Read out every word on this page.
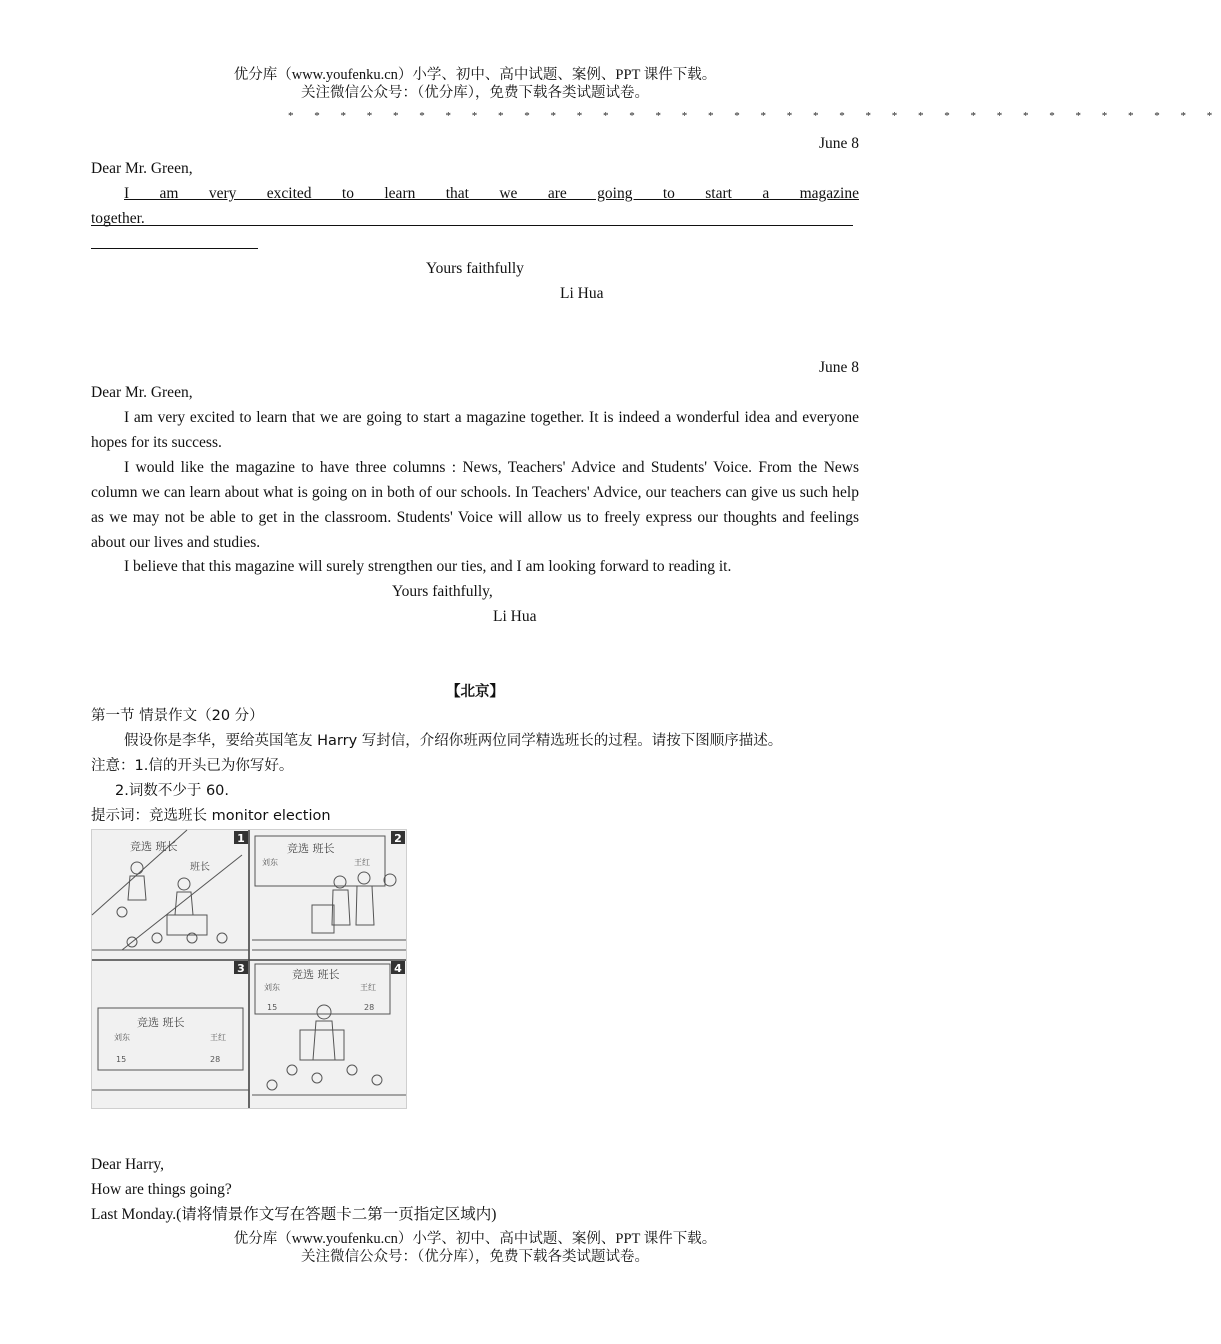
优分库（www.youfenku.cn）小学、初中、高中试题、案例、PPT 课件下载。
关注微信公众号：（优分库），免费下载各类试题试卷。
* * * * * * * * * * * * * * * * * * * * * * * * * * * * * * * * * * * *
June 8
Dear Mr. Green,
I am very excited to learn that we are going to start a magazine
together.
Yours faithfully
Li Hua
June 8
Dear Mr. Green,
I am very excited to learn that we are going to start a magazine together. It is indeed a wonderful idea and everyone hopes for its success.
I would like the magazine to have three columns : News, Teachers' Advice and Students' Voice. From the News column we can learn about what is going on in both of our schools. In Teachers' Advice, our teachers can give us such help as we may not be able to get in the classroom. Students' Voice will allow us to freely express our thoughts and feelings about our lives and studies.
I believe that this magazine will surely strengthen our ties, and I am looking forward to reading it.
Yours faithfully,
Li Hua
【北京】
第一节 情景作文（20 分）
假设你是李华，要给英国笔友 Harry 写封信，介绍你班两位同学精选班长的过程。请按下图顺序描述。
注意：1.信的开头已为你写好。
2.词数不少于 60.
提示词：竞选班长 monitor election
1	2
3	4
竞选 班长
班长
竞选 班长
刘东	王红
竞选 班长
刘东	王红
15	28
竞选 班长
刘东	王红
15	28
Dear Harry,
How are things going?
Last Monday.(请将情景作文写在答题卡二第一页指定区域内)
优分库（www.youfenku.cn）小学、初中、高中试题、案例、PPT 课件下载。
关注微信公众号：（优分库），免费下载各类试题试卷。
